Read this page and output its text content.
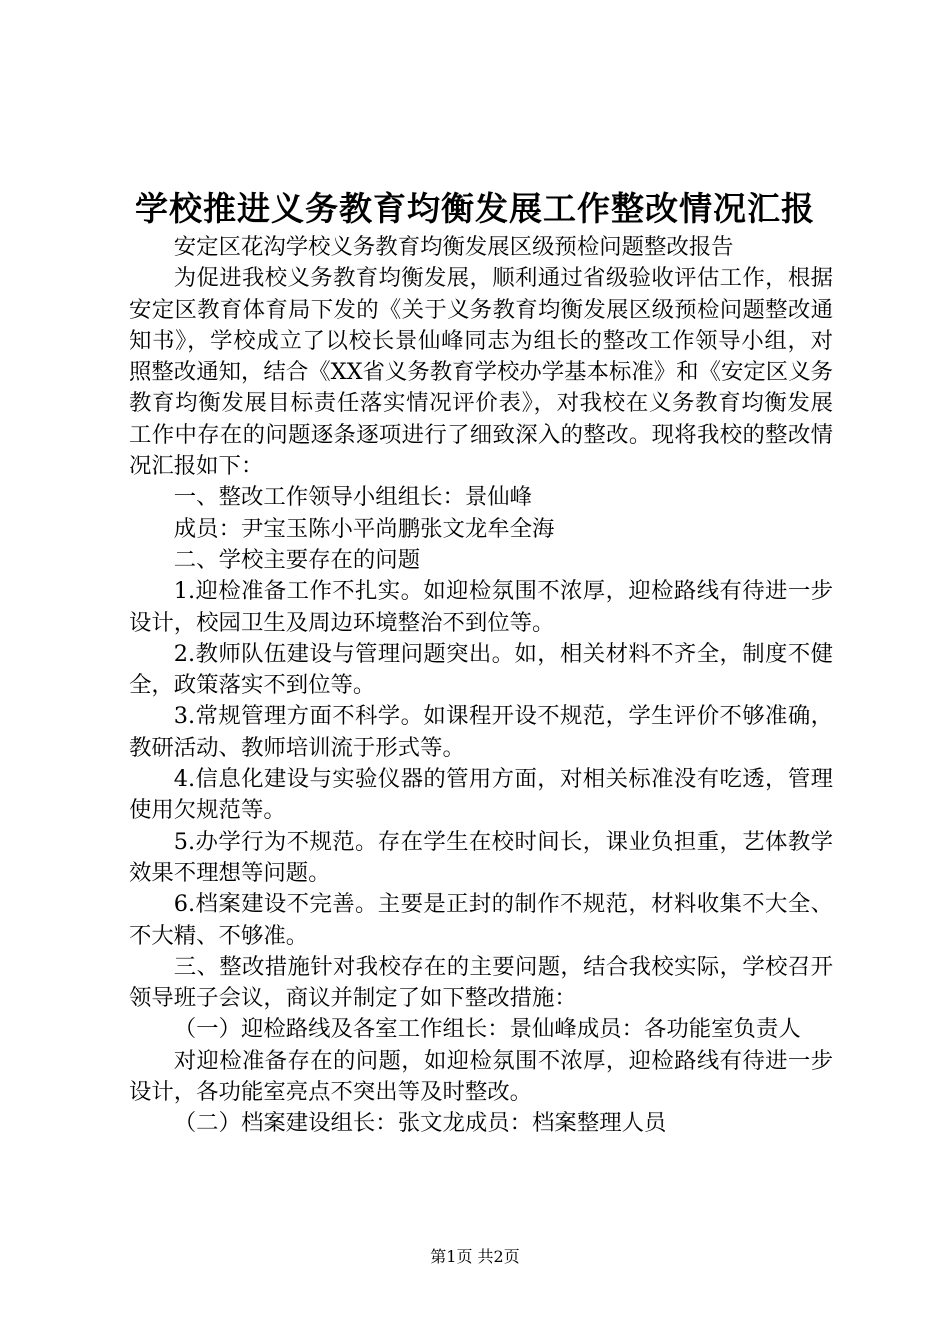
学校推进义务教育均衡发展工作整改情况汇报

安定区花沟学校义务教育均衡发展区级预检问题整改报告

为促进我校义务教育均衡发展，顺利通过省级验收评估工作，根据安定区教育体育局下发的《关于义务教育均衡发展区级预检问题整改通知书》，学校成立了以校长景仙峰同志为组长的整改工作领导小组，对照整改通知，结合《XX省义务教育学校办学基本标准》和《安定区义务教育均衡发展目标责任落实情况评价表》，对我校在义务教育均衡发展工作中存在的问题逐条逐项进行了细致深入的整改。现将我校的整改情况汇报如下：

一、整改工作领导小组组长：景仙峰

成员：尹宝玉陈小平尚鹏张文龙牟全海

二、学校主要存在的问题

1.迎检准备工作不扎实。如迎检氛围不浓厚，迎检路线有待进一步设计，校园卫生及周边环境整治不到位等。

2.教师队伍建设与管理问题突出。如，相关材料不齐全，制度不健全，政策落实不到位等。

3.常规管理方面不科学。如课程开设不规范，学生评价不够准确，教研活动、教师培训流于形式等。

4.信息化建设与实验仪器的管用方面，对相关标准没有吃透，管理使用欠规范等。

5.办学行为不规范。存在学生在校时间长，课业负担重，艺体教学效果不理想等问题。

6.档案建设不完善。主要是正封的制作不规范，材料收集不大全、不大精、不够准。

三、整改措施针对我校存在的主要问题，结合我校实际，学校召开领导班子会议，商议并制定了如下整改措施：

（一）迎检路线及各室工作组长：景仙峰成员：各功能室负责人

对迎检准备存在的问题，如迎检氛围不浓厚，迎检路线有待进一步设计，各功能室亮点不突出等及时整改。

（二）档案建设组长：张文龙成员：档案整理人员

第1页 共2页
